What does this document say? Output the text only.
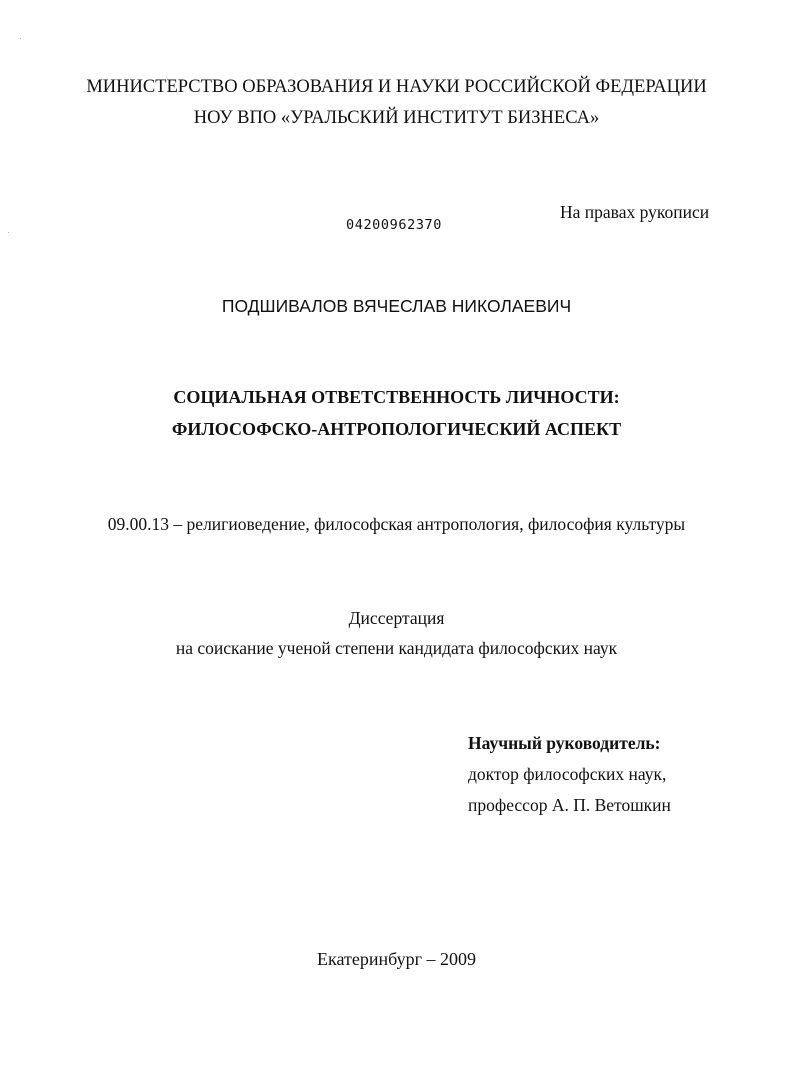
МИНИСТЕРСТВО ОБРАЗОВАНИЯ И НАУКИ РОССИЙСКОЙ ФЕДЕРАЦИИ
НОУ ВПО «УРАЛЬСКИЙ ИНСТИТУТ БИЗНЕСА»
На правах рукописи
04200962370
ПОДШИВАЛОВ ВЯЧЕСЛАВ НИКОЛАЕВИЧ
СОЦИАЛЬНАЯ ОТВЕТСТВЕННОСТЬ ЛИЧНОСТИ:
ФИЛОСОФСКО-АНТРОПОЛОГИЧЕСКИЙ АСПЕКТ
09.00.13 – религиоведение, философская антропология, философия культуры
Диссертация
на соискание ученой степени кандидата философских наук
Научный руководитель:
доктор философских наук,
профессор А. П. Ветошкин
Екатеринбург – 2009
